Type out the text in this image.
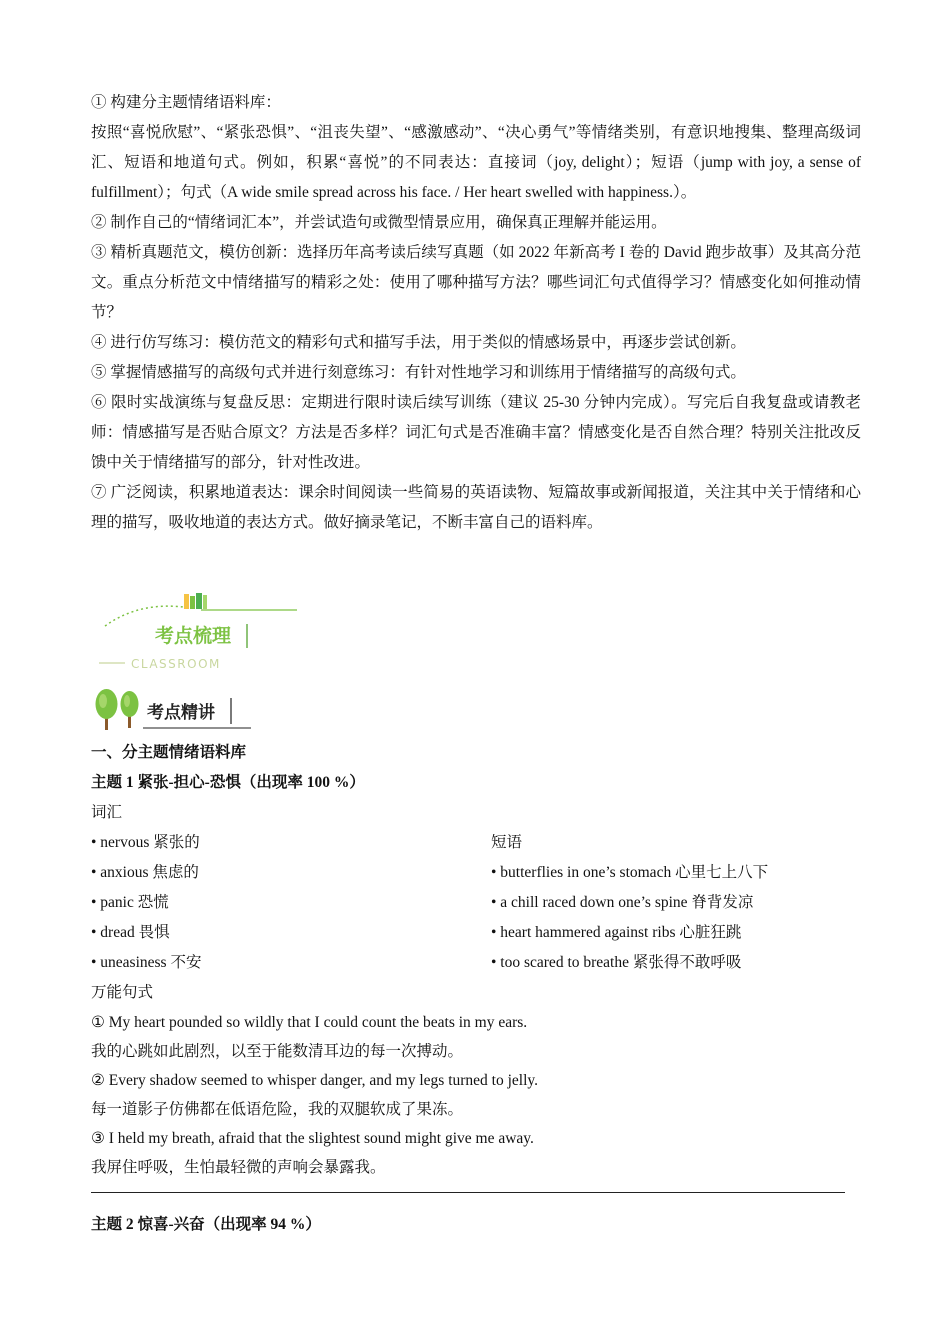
① 构建分主题情绪语料库：

按照“喜悦欣慰”、“紧张恐惧”、“沮丧失望”、“感激感动”、“决心勇气”等情绪类别，有意识地搜集、整理高级词汇、短语和地道句式。例如，积累“喜悦”的不同表达：直接词（joy, delight）；短语（jump with joy, a sense of fulfillment）；句式（A wide smile spread across his face. / Her heart swelled with happiness.）。

② 制作自己的“情绪词汇本”，并尝试造句或微型情景应用，确保真正理解并能运用。

③ 精析真题范文，模仿创新：选择历年高考读后续写真题（如 2022 年新高考 I 卷的 David 跑步故事）及其高分范文。重点分析范文中情绪描写的精彩之处：使用了哪种描写方法？哪些词汇句式值得学习？情感变化如何推动情节？

④ 进行仿写练习：模仿范文的精彩句式和描写手法，用于类似的情感场景中，再逐步尝试创新。

⑤ 掌握情感描写的高级句式并进行刻意练习：有针对性地学习和训练用于情绪描写的高级句式。

⑥ 限时实战演练与复盘反思：定期进行限时读后续写训练（建议 25-30 分钟内完成）。写完后自我复盘或请教老师：情感描写是否贴合原文？方法是否多样？词汇句式是否准确丰富？情感变化是否自然合理？特别关注批改反馈中关于情绪描写的部分，针对性改进。

⑦ 广泛阅读，积累地道表达：课余时间阅读一些简易的英语读物、短篇故事或新闻报道，关注其中关于情绪和心理的描写，吸收地道的表达方式。做好摘录笔记，不断丰富自己的语料库。

考点梳理
CLASSROOM
考点精讲

一、分主题情绪语料库

主题 1 紧张-担心-恐惧（出现率 100 %）

词汇

• nervous 紧张的
• anxious 焦虑的
• panic 恐慌
• dread 畏惧
• uneasiness 不安
短语
• butterflies in one’s stomach 心里七上八下
• a chill raced down one’s spine 脊背发凉
• heart hammered against ribs 心脏狂跳
• too scared to breathe 紧张得不敢呼吸

万能句式

① My heart pounded so wildly that I could count the beats in my ears.
我的心跳如此剧烈，以至于能数清耳边的每一次搏动。
② Every shadow seemed to whisper danger, and my legs turned to jelly.
每一道影子仿佛都在低语危险，我的双腿软成了果冻。
③ I held my breath, afraid that the slightest sound might give me away.
我屏住呼吸，生怕最轻微的声响会暴露我。
主题 2 惊喜-兴奋（出现率 94 %）
